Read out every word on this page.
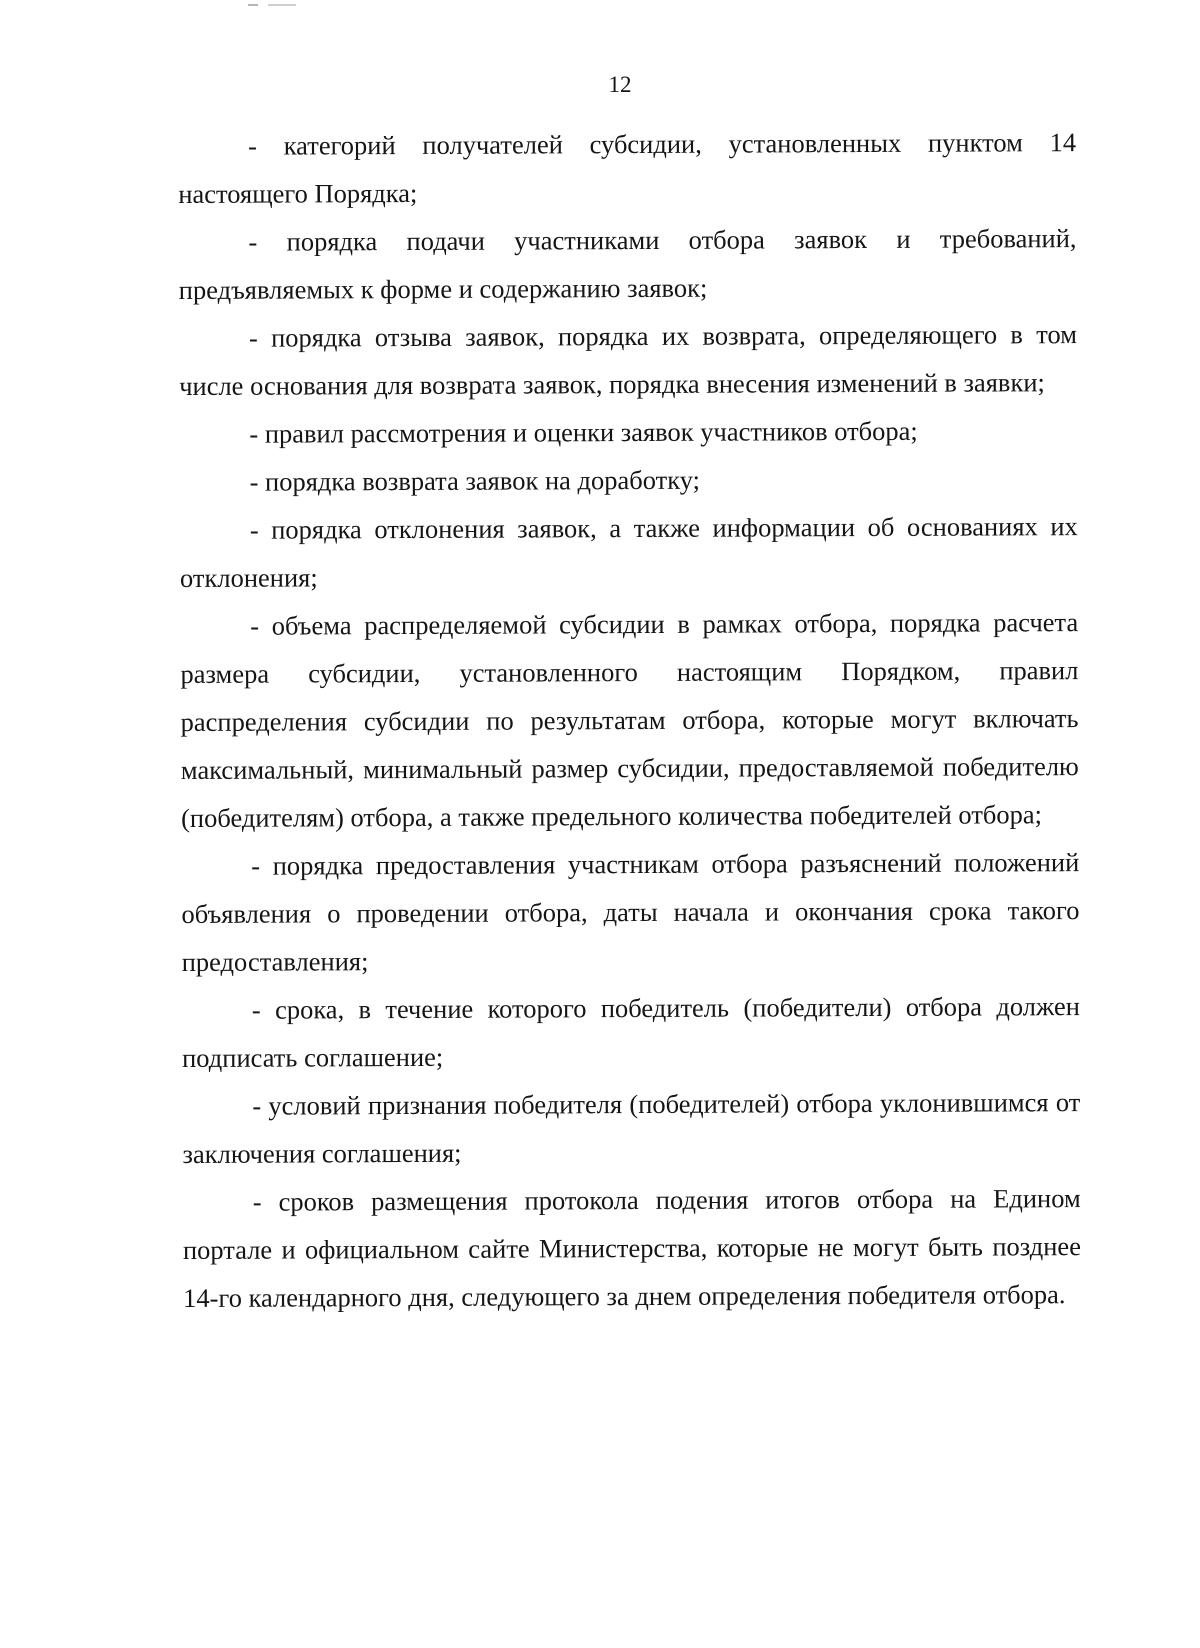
12

- категорий получателей субсидии, установленных пунктом 14 настоящего Порядка;

- порядка подачи участниками отбора заявок и требований, предъявляемых к форме и содержанию заявок;

- порядка отзыва заявок, порядка их возврата, определяющего в том числе основания для возврата заявок, порядка внесения изменений в заявки;

- правил рассмотрения и оценки заявок участников отбора;

- порядка возврата заявок на доработку;

- порядка отклонения заявок, а также информации об основаниях их отклонения;

- объема распределяемой субсидии в рамках отбора, порядка расчета размера субсидии, установленного настоящим Порядком, правил распределения субсидии по результатам отбора, которые могут включать максимальный, минимальный размер субсидии, предоставляемой победителю (победителям) отбора, а также предельного количества победителей отбора;

- порядка предоставления участникам отбора разъяснений положений объявления о проведении отбора, даты начала и окончания срока такого предоставления;

- срока, в течение которого победитель (победители) отбора должен подписать соглашение;

- условий признания победителя (победителей) отбора уклонившимся от заключения соглашения;

- сроков размещения протокола подения итогов отбора на Едином портале и официальном сайте Министерства, которые не могут быть позднее 14-го календарного дня, следующего за днем определения победителя отбора.
